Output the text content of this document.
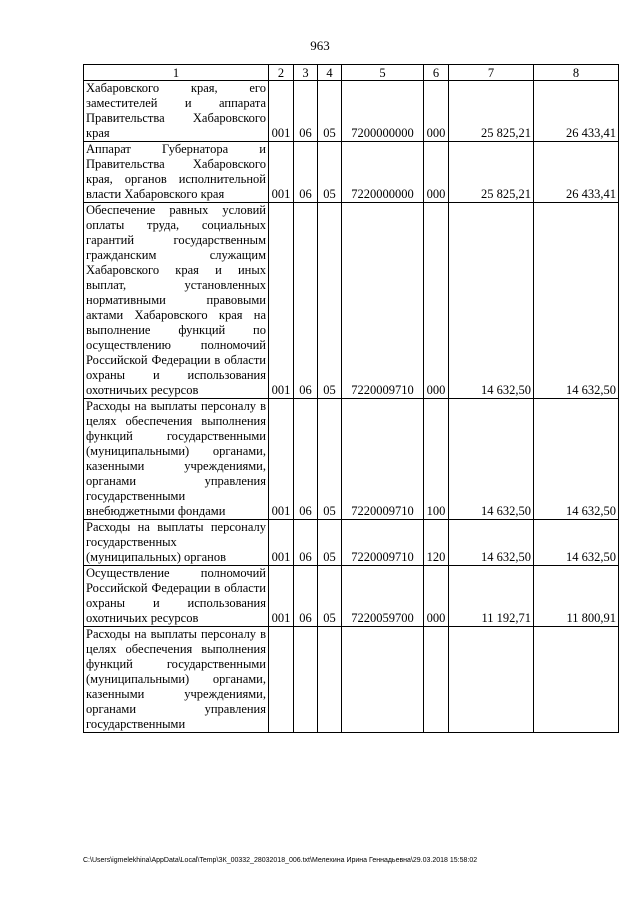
963
1	2	3	4	5	6	7	8
Хабаровского края, его заместителей и аппарата Правительства Хабаровского края	001	06	05	7200000000	000	25 825,21	26 433,41
Аппарат Губернатора и Правительства Хабаровского края, органов исполнительной власти Хабаровского края	001	06	05	7220000000	000	25 825,21	26 433,41
Обеспечение равных условий оплаты труда, социальных гарантий государственным гражданским служащим Хабаровского края и иных выплат, установленных нормативными правовыми актами Хабаровского края на выполнение функций по осуществлению полномочий Российской Федерации в области охраны и использования охотничьих ресурсов	001	06	05	7220009710	000	14 632,50	14 632,50
Расходы на выплаты персоналу в целях обеспечения выполнения функций государственными (муниципальными) органами, казенными учреждениями, органами управления государственными внебюджетными фондами	001	06	05	7220009710	100	14 632,50	14 632,50
Расходы на выплаты персоналу государственных (муниципальных) органов	001	06	05	7220009710	120	14 632,50	14 632,50
Осуществление полномочий Российской Федерации в области охраны и использования охотничьих ресурсов	001	06	05	7220059700	000	11 192,71	11 800,91
Расходы на выплаты персоналу в целях обеспечения выполнения функций государственными (муниципальными) органами, казенными учреждениями, органами управления государственными							
C:\Users\igmelekhina\AppData\Local\Temp\ЗК_00332_28032018_006.txt\Мелехина Ирина Геннадьевна\29.03.2018 15:58:02
